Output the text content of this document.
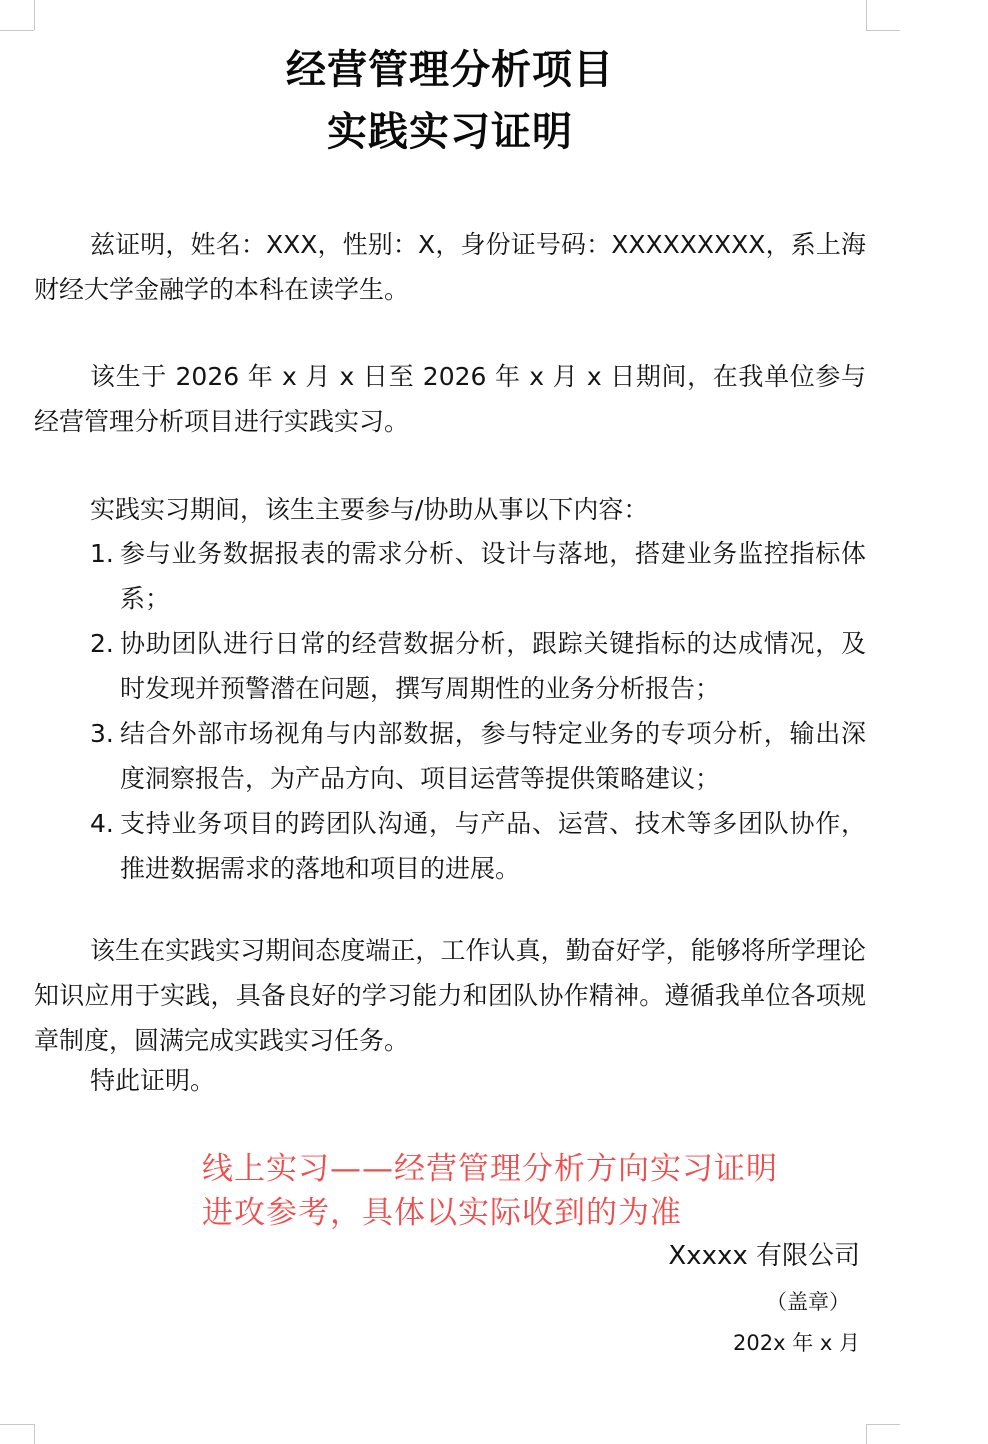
经营管理分析项目
实践实习证明
兹证明，姓名：XXX，性别：X，身份证号码：XXXXXXXXX，系上海财经大学金融学的本科在读学生。
该生于 2026 年 x 月 x 日至 2026 年 x 月 x 日期间，在我单位参与经营管理分析项目进行实践实习。
实践实习期间，该生主要参与/协助从事以下内容：
1. 参与业务数据报表的需求分析、设计与落地，搭建业务监控指标体系；
2. 协助团队进行日常的经营数据分析，跟踪关键指标的达成情况，及时发现并预警潜在问题，撰写周期性的业务分析报告；
3. 结合外部市场视角与内部数据，参与特定业务的专项分析，输出深度洞察报告，为产品方向、项目运营等提供策略建议；
4. 支持业务项目的跨团队沟通，与产品、运营、技术等多团队协作，推进数据需求的落地和项目的进展。
该生在实践实习期间态度端正，工作认真，勤奋好学，能够将所学理论知识应用于实践，具备良好的学习能力和团队协作精神。遵循我单位各项规章制度，圆满完成实践实习任务。
特此证明。
线上实习——经营管理分析方向实习证明
进攻参考，具体以实际收到的为准
Xxxxx 有限公司
（盖章）
202x 年 x 月
